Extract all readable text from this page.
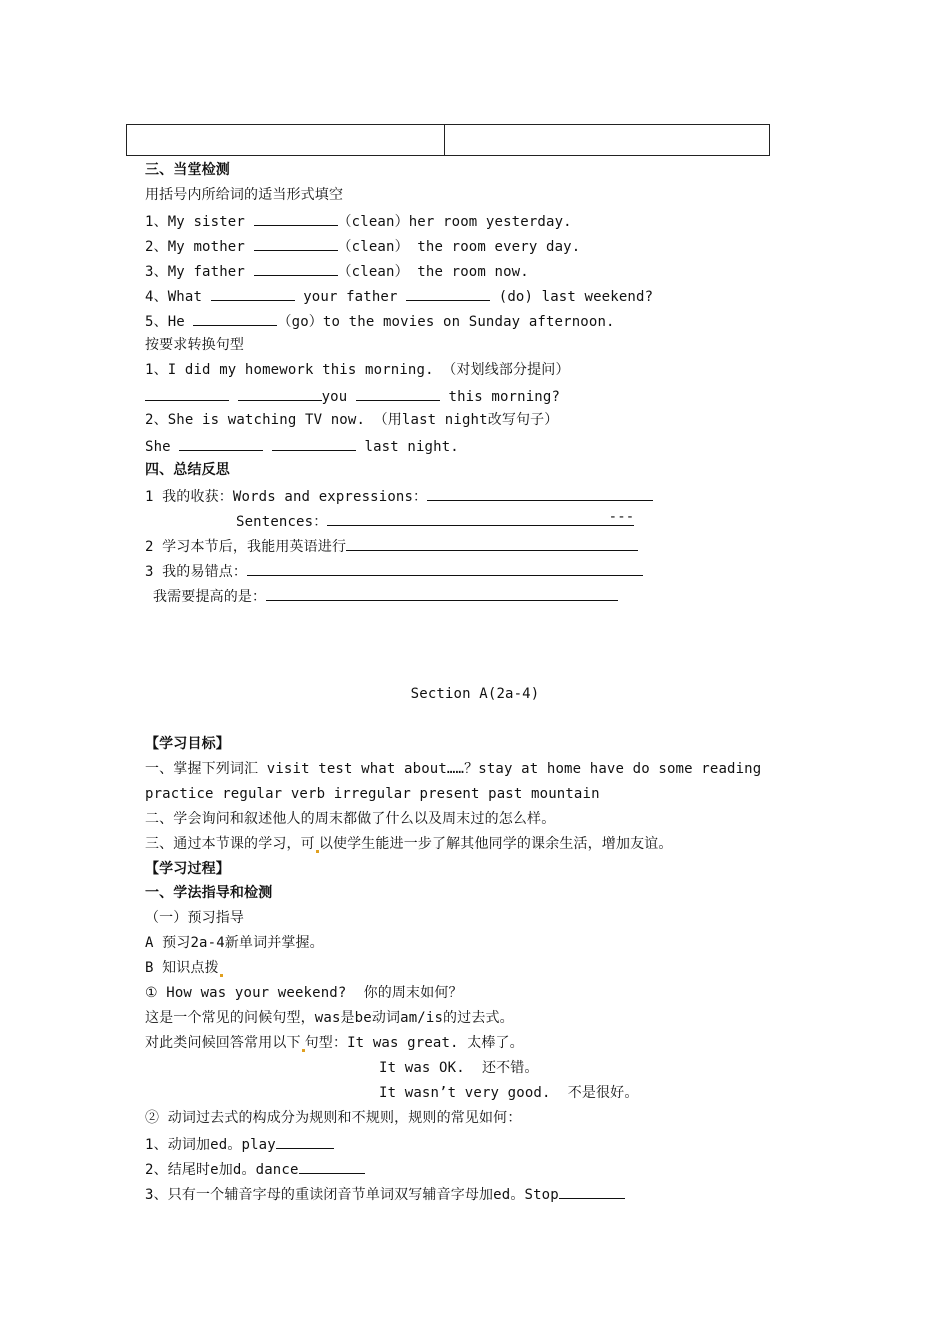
三、当堂检测
用括号内所给词的适当形式填空
1、My sister	（clean）her room yesterday.
2、My mother	（clean） the room every day.
3、My father	（clean） the room now.
4、What	your father	(do) last weekend?
5、He	（go）to the movies on Sunday afternoon.
按要求转换句型
1、I did my homework this morning. （对划线部分提问）
you	this morning?
2、She is watching TV now. （用last night改写句子）
She	last night.
四、总结反思
1 我的收获：Words and expressions：
Sentences：	---
2 学习本节后，我能用英语进行
3 我的易错点：
我需要提高的是：
Section A(2a-4)
【学习目标】
一、掌握下列词汇 visit test what about……？stay at home have do some reading
practice regular verb irregular present past mountain
二、学会询问和叙述他人的周末都做了什么以及周末过的怎么样。
三、通过本节课的学习，可 以使学生能进一步了解其他同学的课余生活，增加友谊。
【学习过程】
一、学法指导和检测
（一）预习指导
A 预习2a-4新单词并掌握。
B 知识点拨
① How was your weekend?  你的周末如何？
这是一个常见的问候句型，was是be动词am/is的过去式。
对此类问候回答常用以下 句型：It was great. 太棒了。
It was OK.  还不错。
It wasn’t very good.  不是很好。
② 动词过去式的构成分为规则和不规则，规则的常见如何：
1、动词加ed。play
2、结尾时e加d。dance
3、只有一个辅音字母的重读闭音节单词双写辅音字母加ed。Stop
